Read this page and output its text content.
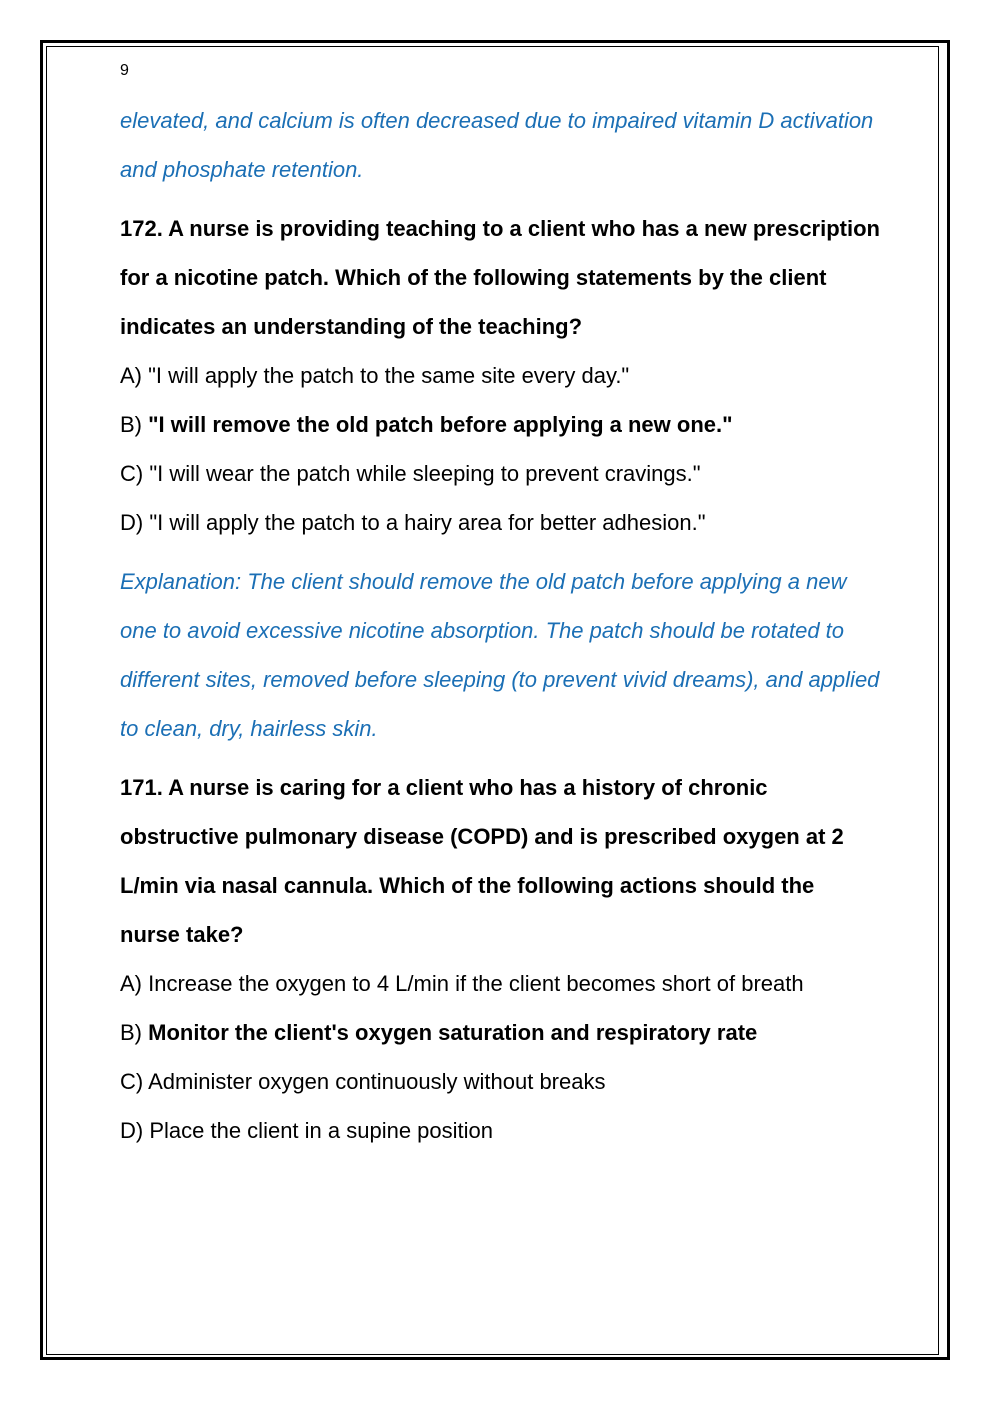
9

elevated, and calcium is often decreased due to impaired vitamin D activation and phosphate retention.

172. A nurse is providing teaching to a client who has a new prescription for a nicotine patch. Which of the following statements by the client indicates an understanding of the teaching?

A) "I will apply the patch to the same site every day."

B) "I will remove the old patch before applying a new one."

C) "I will wear the patch while sleeping to prevent cravings."

D) "I will apply the patch to a hairy area for better adhesion."

Explanation: The client should remove the old patch before applying a new one to avoid excessive nicotine absorption. The patch should be rotated to different sites, removed before sleeping (to prevent vivid dreams), and applied to clean, dry, hairless skin.

171. A nurse is caring for a client who has a history of chronic obstructive pulmonary disease (COPD) and is prescribed oxygen at 2 L/min via nasal cannula. Which of the following actions should the nurse take?

A) Increase the oxygen to 4 L/min if the client becomes short of breath

B) Monitor the client's oxygen saturation and respiratory rate

C) Administer oxygen continuously without breaks

D) Place the client in a supine position
